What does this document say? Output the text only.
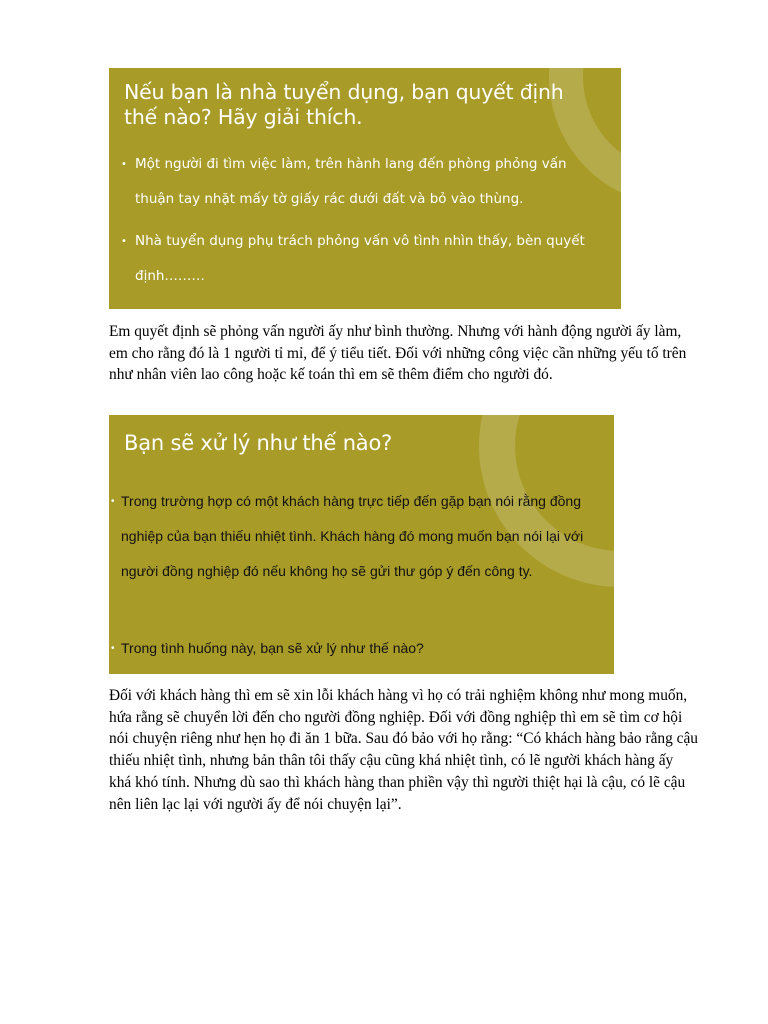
Nếu bạn là nhà tuyển dụng, bạn quyết định thế nào? Hãy giải thích.
• Một người đi tìm việc làm, trên hành lang đến phòng phỏng vấn thuận tay nhặt mấy tờ giấy rác dưới đất và bỏ vào thùng.
• Nhà tuyển dụng phụ trách phỏng vấn vô tình nhìn thấy, bèn quyết định………

Em quyết định sẽ phỏng vấn người ấy như bình thường. Nhưng với hành động người ấy làm, em cho rằng đó là 1 người tỉ mỉ, để ý tiểu tiết. Đối với những công việc cần những yếu tố trên như nhân viên lao công hoặc kế toán thì em sẽ thêm điểm cho người đó.

Bạn sẽ xử lý như thế nào?
• Trong trường hợp có một khách hàng trực tiếp đến gặp bạn nói rằng đồng nghiệp của bạn thiếu nhiệt tình. Khách hàng đó mong muốn bạn nói lại với người đồng nghiệp đó nếu không họ sẽ gửi thư góp ý đến công ty.
• Trong tình huống này, bạn sẽ xử lý như thế nào?

Đối với khách hàng thì em sẽ xin lỗi khách hàng vì họ có trải nghiệm không như mong muốn, hứa rằng sẽ chuyển lời đến cho người đồng nghiệp. Đối với đồng nghiệp thì em sẽ tìm cơ hội nói chuyện riêng như hẹn họ đi ăn 1 bữa. Sau đó bảo với họ rằng: “Có khách hàng bảo rằng cậu thiếu nhiệt tình, nhưng bản thân tôi thấy cậu cũng khá nhiệt tình, có lẽ người khách hàng ấy khá khó tính. Nhưng dù sao thì khách hàng than phiền vậy thì người thiệt hại là cậu, có lẽ cậu nên liên lạc lại với người ấy để nói chuyện lại”.
